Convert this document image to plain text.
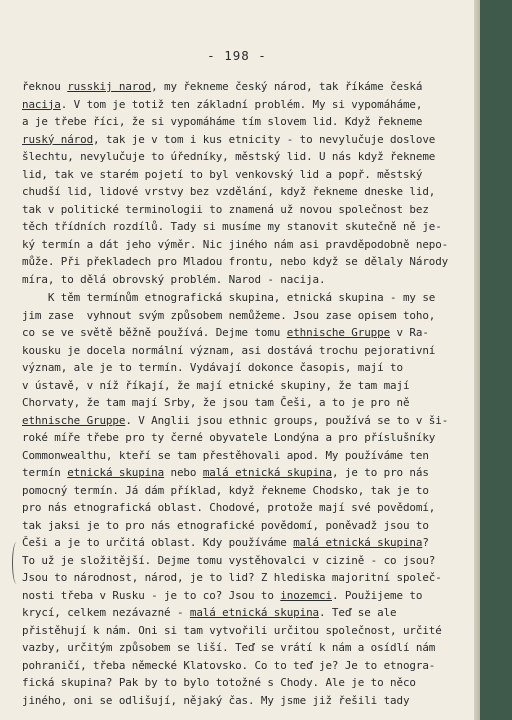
- 198 -
řeknou russkij narod, my řekneme český národ, tak říkáme česká
nacija. V tom je totiž ten základní problém. My si vypomáháme,
a je třebe říci, že si vypomáháme tím slovem lid. Když řekneme
ruský národ, tak je v tom i kus etnicity - to nevylučuje doslove
šlechtu, nevylučuje to úředníky, městský lid. U nás když řekneme
lid, tak ve starém pojetí to byl venkovský lid a popř. městský
chudší lid, lidové vrstvy bez vzdělání, když řekneme dneske lid,
tak v politické terminologii to znamená už novou společnost bez
těch třídních rozdílů. Tady si musíme my stanovit skutečně ně je-
ký termín a dát jeho výměr. Nic jiného nám asi pravděpodobně nepo-
může. Při překladech pro Mladou frontu, nebo když se dělaly Národy
míra, to dělá obrovský problém. Narod - nacija.
K těm termínům etnografická skupina, etnická skupina - my se
jim zase  vyhnout svým způsobem nemůžeme. Jsou zase opisem toho,
co se ve světě běžně používá. Dejme tomu ethnische Gruppe v Ra-
kousku je docela normální význam, asi dostává trochu pejorativní
význam, ale je to termín. Vydávají dokonce časopis, mají to
v ústavě, v níž říkají, že mají etnické skupiny, že tam mají
Chorvaty, že tam mají Srby, že jsou tam Češi, a to je pro ně
ethnische Gruppe. V Anglii jsou ethnic groups, používá se to v ši-
roké míře třebe pro ty černé obyvatele Londýna a pro příslušníky
Commonwealthu, kteří se tam přestěhovali apod. My používáme ten
termín etnická skupina nebo malá etnická skupina, je to pro nás
pomocný termín. Já dám příklad, když řekneme Chodsko, tak je to
pro nás etnografická oblast. Chodové, protože mají své povědomí,
tak jaksi je to pro nás etnografické povědomí, poněvadž jsou to
Češi a je to určitá oblast. Kdy používáme malá etnická skupina?
To už je složitější. Dejme tomu vystěhovalci v cizině - co jsou?
Jsou to národnost, národ, je to lid? Z hlediska majoritní společ-
nosti třeba v Rusku - je to co? Jsou to inozemci. Použijeme to
krycí, celkem nezávazné - malá etnická skupina. Teď se ale
přistěhují k nám. Oni si tam vytvořili určitou společnost, určité
vazby, určitým způsobem se liší. Teď se vrátí k nám a osídlí nám
pohraničí, třeba německé Klatovsko. Co to teď je? Je to etnogra-
fická skupina? Pak by to bylo totožné s Chody. Ale je to něco
jiného, oni se odlišují, nějaký čas. My jsme již řešili tady
